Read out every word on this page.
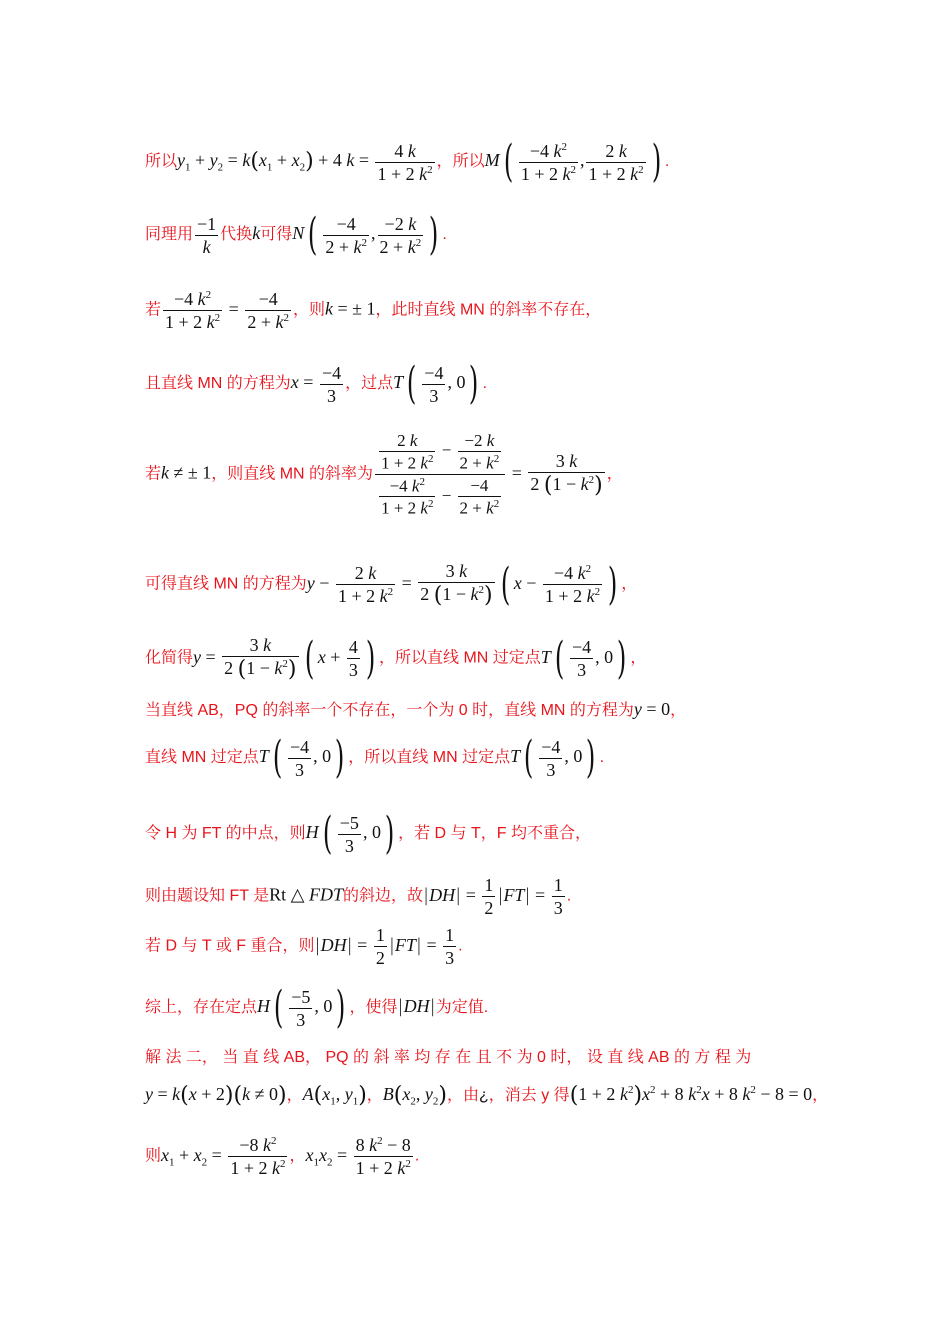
所以$y_1 + y_2 = k(x_1 + x_2) + 4$ $k = \frac{4 k}{1 + 2 k^2}$ ，所以$M( \frac{-4 k^2}{1 + 2 k^2}$ , $\frac{2 k}{1 + 2 k^2}$ ) .
同理用 $\frac{-1}{k}$ 代换k可得$N( \frac{-4}{2 + k^2}$ , $\frac{-2 k}{2 + k^2}$ ) .
若 $\frac{-4 k^2}{1 + 2 k^2} = \frac{-4}{2 + k^2}$ ，则k = ± 1，此时直线 MN 的斜率不存在，
且直线 MN 的方程为$x = \frac{-4}{3}$ ，过点$T( \frac{-4}{3}$ , 0) .
若k ≠ ± 1，则直线 MN 的斜率为 $\frac{\frac{2 k}{1 + 2 k^2} - \frac{-2 k}{2 + k^2}}{\frac{-4 k^2}{1 + 2 k^2} - \frac{-4}{2 + k^2}} = \frac{3 k}{2 (1 - k^2)}$ ，
可得直线 MN 的方程为$y - \frac{2 k}{1 + 2 k^2} = \frac{3 k}{2 (1 - k^2)}$ ( $x - \frac{-4 k^2}{1 + 2 k^2}$ ) ，
化简得$y = \frac{3 k}{2 (1 - k^2)}$ ( $x + \frac{4}{3}$ ) ，所以直线 MN 过定点$T( \frac{-4}{3}$ , 0) ，
当直线 AB，PQ 的斜率一个不存在，一个为 0 时，直线 MN 的方程为y = 0，
直线 MN 过定点$T( \frac{-4}{3}$ , 0) ，所以直线 MN 过定点$T( \frac{-4}{3}$ , 0) .
令 H 为 FT 的中点，则$H( \frac{-5}{3}$ , 0) ，若 D 与 T，F 均不重合，
则由题设知 FT 是Rt △ FDT的斜边，故$|DH| = \frac{1}{2} |FT| = \frac{1}{3}$ .
若 D 与 T 或 F 重合，则$|DH| = \frac{1}{2} |FT| = \frac{1}{3}$ .
综上，存在定点$H( \frac{-5}{3}$ , 0) ，使得|DH|为定值.
解 法 二， 当 直 线 AB， PQ 的 斜 率 均 存 在 且 不 为 0 时， 设 直 线 AB 的 方 程 为
y = k(x + 2)(k ≠ 0)，$A(x_1$, $y_1$)，$B(x_2$, $y_2$)，由¿，消去 y 得(1 + 2 $k^2)x^2 + 8$ $k^2x + 8$ $k^2 - 8 = 0$，
则$x_1 + x_2 = \frac{-8 k^2}{1 + 2 k^2}$ ，$x_1x_2 = \frac{8 k^2 - 8}{1 + 2 k^2}$ .
